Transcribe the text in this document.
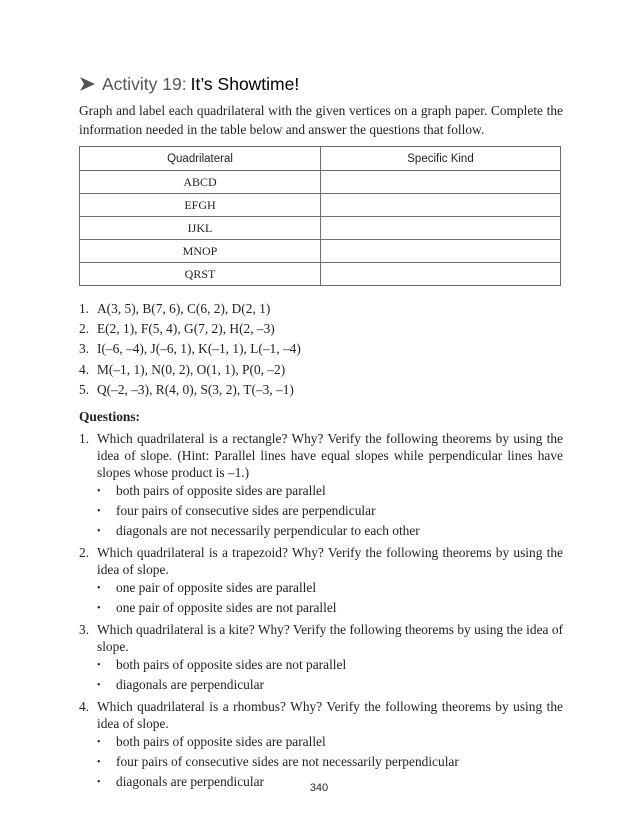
Activity 19: It’s Showtime!

Graph and label each quadrilateral with the given vertices on a graph paper. Complete the information needed in the table below and answer the questions that follow.

Quadrilateral	Specific Kind
ABCD	
EFGH	
IJKL	
MNOP	
QRST	
1. A(3, 5), B(7, 6), C(6, 2), D(2, 1)
2. E(2, 1), F(5, 4), G(7, 2), H(2, –3)
3. I(–6, –4), J(–6, 1), K(–1, 1), L(–1, –4)
4. M(–1, 1), N(0, 2), O(1, 1), P(0, –2)
5. Q(–2, –3), R(4, 0), S(3, 2), T(–3, –1)
Questions:
1. Which quadrilateral is a rectangle? Why? Verify the following theorems by using the idea of slope. (Hint: Parallel lines have equal slopes while perpendicular lines have slopes whose product is –1.)
•	both pairs of opposite sides are parallel
•	four pairs of consecutive sides are perpendicular
•	diagonals are not necessarily perpendicular to each other
2. Which quadrilateral is a trapezoid? Why? Verify the following theorems by using the idea of slope.
•	one pair of opposite sides are parallel
•	one pair of opposite sides are not parallel
3. Which quadrilateral is a kite? Why? Verify the following theorems by using the idea of slope.
•	both pairs of opposite sides are not parallel
•	diagonals are perpendicular
4. Which quadrilateral is a rhombus? Why? Verify the following theorems by using the idea of slope.
•	both pairs of opposite sides are parallel
•	four pairs of consecutive sides are not necessarily perpendicular
•	diagonals are perpendicular	340
